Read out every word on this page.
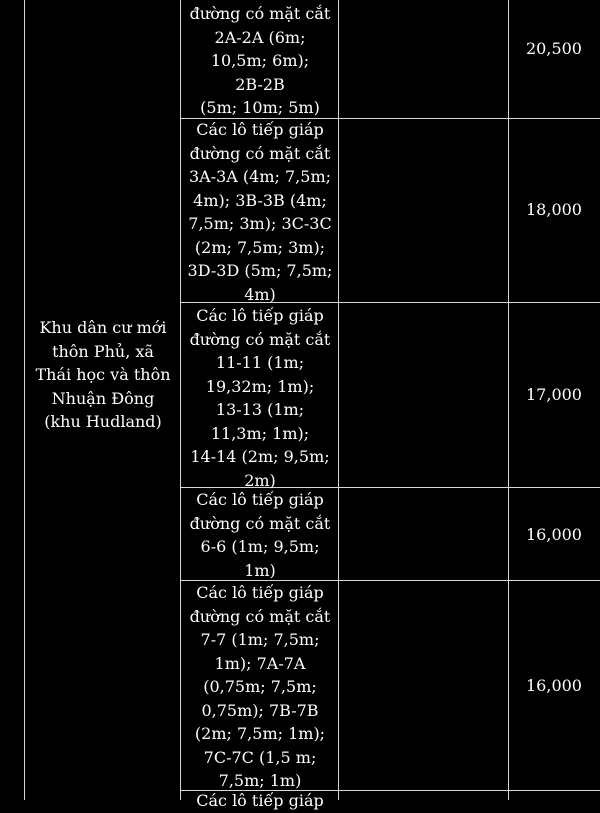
Khu dân cư mới
thôn Phủ, xã
Thái học và thôn
Nhuận Đông
(khu Hudland)
đường có mặt cắt
2A-2A (6m;
10,5m; 6m);
2B-2B
(5m; 10m; 5m)
20,500
Các lô tiếp giáp
đường có mặt cắt
3A-3A (4m; 7,5m;
4m); 3B-3B (4m;
7,5m; 3m); 3C-3C
(2m; 7,5m; 3m);
3D-3D (5m; 7,5m;
4m)
18,000
Các lô tiếp giáp
đường có mặt cắt
11-11 (1m;
19,32m; 1m);
13-13 (1m;
11,3m; 1m);
14-14 (2m; 9,5m;
2m)
17,000
Các lô tiếp giáp
đường có mặt cắt
6-6 (1m; 9,5m;
1m)
16,000
Các lô tiếp giáp
đường có mặt cắt
7-7 (1m; 7,5m;
1m); 7A-7A
(0,75m; 7,5m;
0,75m); 7B-7B
(2m; 7,5m; 1m);
7C-7C (1,5 m;
7,5m; 1m)
16,000
Các lô tiếp giáp
